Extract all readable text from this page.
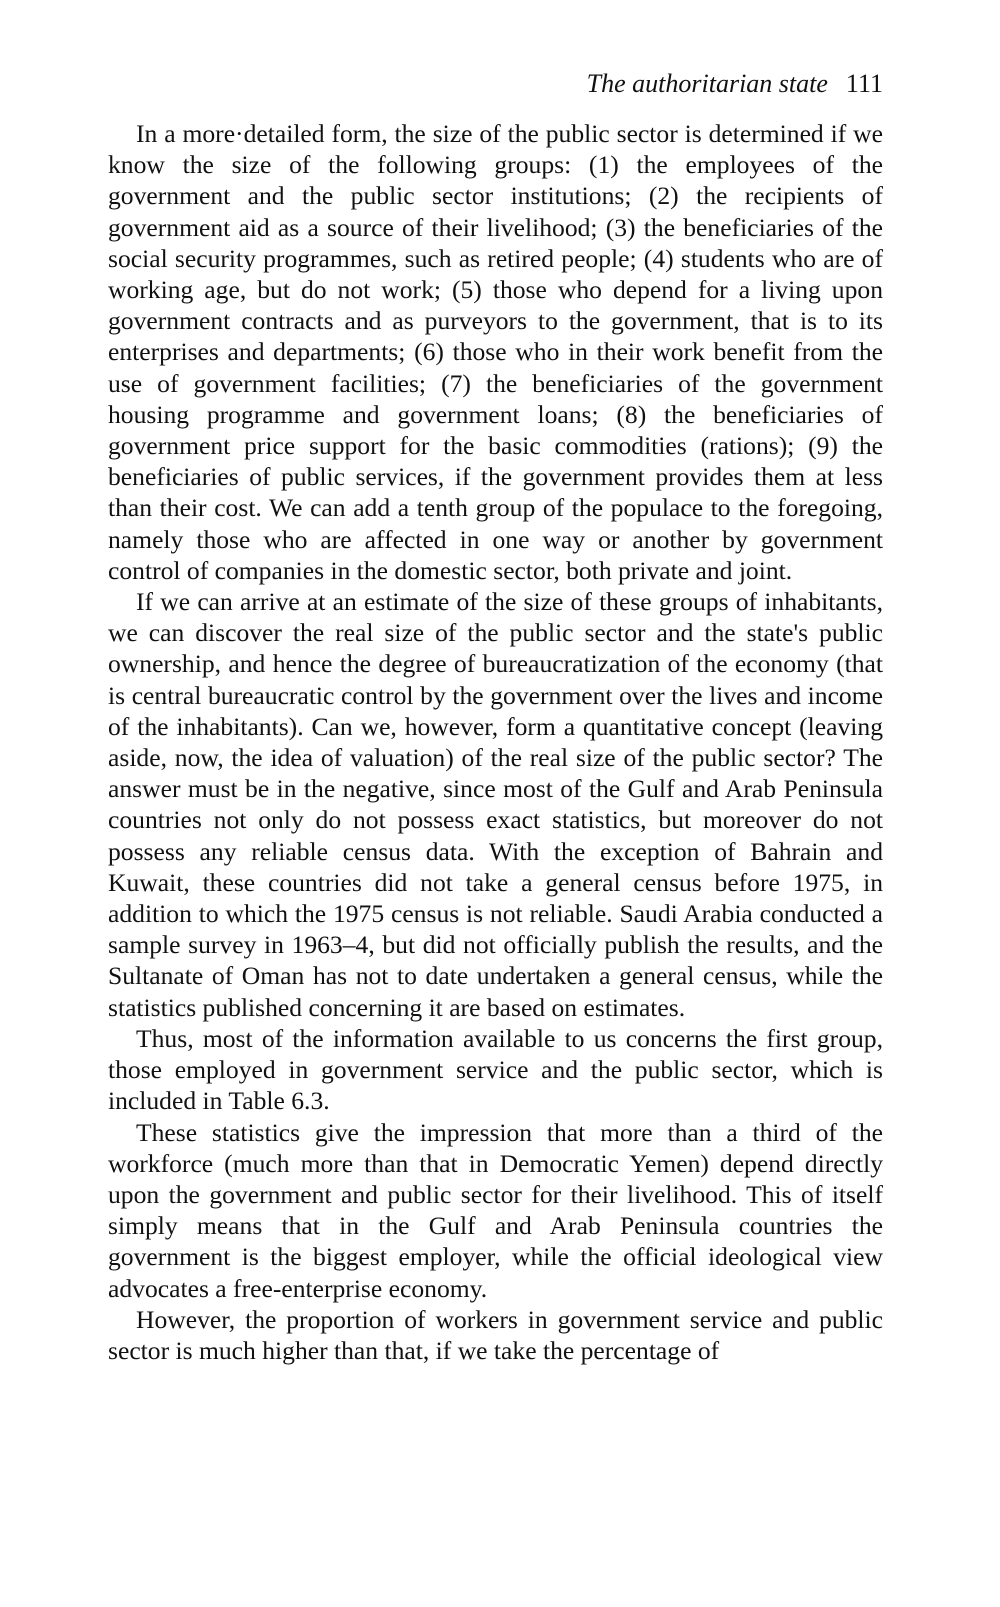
The authoritarian state 111

In a more·detailed form, the size of the public sector is determined if we know the size of the following groups: (1) the employees of the government and the public sector institutions; (2) the recipients of government aid as a source of their livelihood; (3) the beneficiaries of the social security programmes, such as retired people; (4) students who are of working age, but do not work; (5) those who depend for a living upon government contracts and as purveyors to the government, that is to its enterprises and departments; (6) those who in their work benefit from the use of government facilities; (7) the beneficiaries of the government housing programme and government loans; (8) the beneficiaries of government price support for the basic commodities (rations); (9) the beneficiaries of public services, if the government provides them at less than their cost. We can add a tenth group of the populace to the foregoing, namely those who are affected in one way or another by government control of companies in the domestic sector, both private and joint.

If we can arrive at an estimate of the size of these groups of inhabitants, we can discover the real size of the public sector and the state's public ownership, and hence the degree of bureaucratization of the economy (that is central bureaucratic control by the government over the lives and income of the inhabitants). Can we, however, form a quantitative concept (leaving aside, now, the idea of valuation) of the real size of the public sector? The answer must be in the negative, since most of the Gulf and Arab Peninsula countries not only do not possess exact statistics, but moreover do not possess any reliable census data. With the exception of Bahrain and Kuwait, these countries did not take a general census before 1975, in addition to which the 1975 census is not reliable. Saudi Arabia conducted a sample survey in 1963–4, but did not officially publish the results, and the Sultanate of Oman has not to date undertaken a general census, while the statistics published concerning it are based on estimates.

Thus, most of the information available to us concerns the first group, those employed in government service and the public sector, which is included in Table 6.3.

These statistics give the impression that more than a third of the workforce (much more than that in Democratic Yemen) depend directly upon the government and public sector for their livelihood. This of itself simply means that in the Gulf and Arab Peninsula countries the government is the biggest employer, while the official ideological view advocates a free-enterprise economy.

However, the proportion of workers in government service and public sector is much higher than that, if we take the percentage of
